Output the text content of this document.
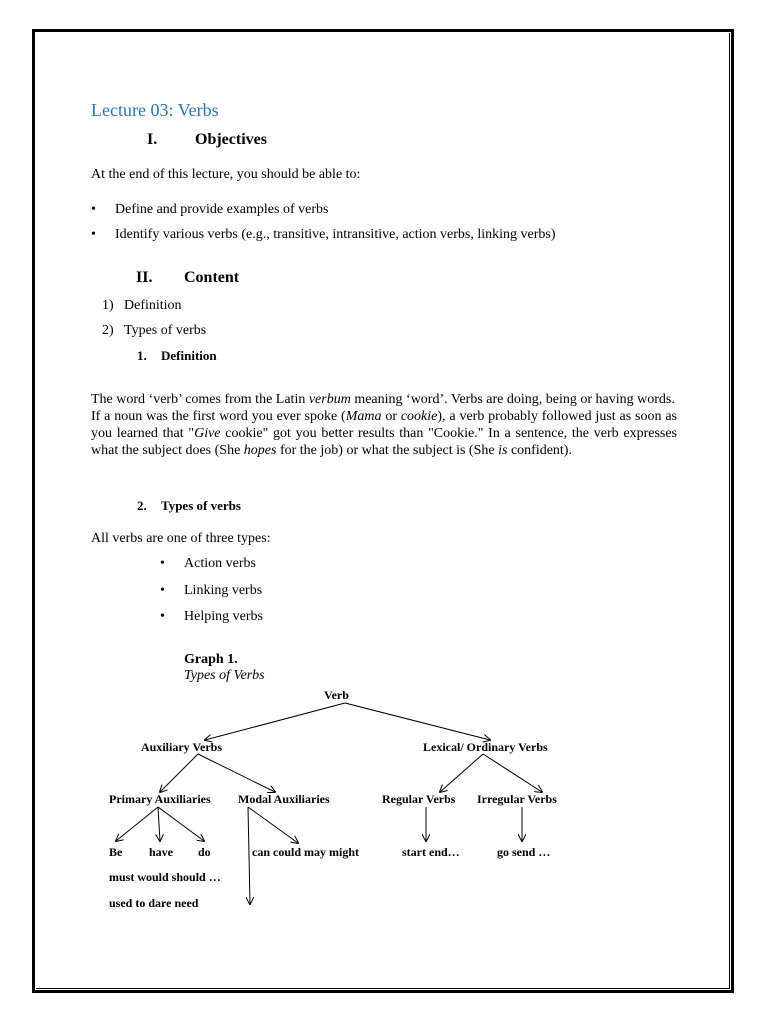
Lecture 03: Verbs
I. Objectives
At the end of this lecture, you should be able to:
• Define and provide examples of verbs
• Identify various verbs (e.g., transitive, intransitive, action verbs, linking verbs)
II. Content
1) Definition
2) Types of verbs
1. Definition
The word ‘verb’ comes from the Latin verbum meaning ‘word’. Verbs are doing, being or having words.
If a noun was the first word you ever spoke (Mama or cookie), a verb probably followed just as soon as you learned that "Give cookie" got you better results than "Cookie." In a sentence, the verb expresses what the subject does (She hopes for the job) or what the subject is (She is confident).
2. Types of verbs
All verbs are one of three types:
• Action verbs
• Linking verbs
• Helping verbs
Graph 1.
Types of Verbs
Verb
Auxiliary Verbs	Lexical/ Ordinary Verbs
Primary Auxiliaries Modal Auxiliaries	Regular Verbs Irregular Verbs
Be have do	can could may might	start end…	go send …
must would should …
used to dare need
